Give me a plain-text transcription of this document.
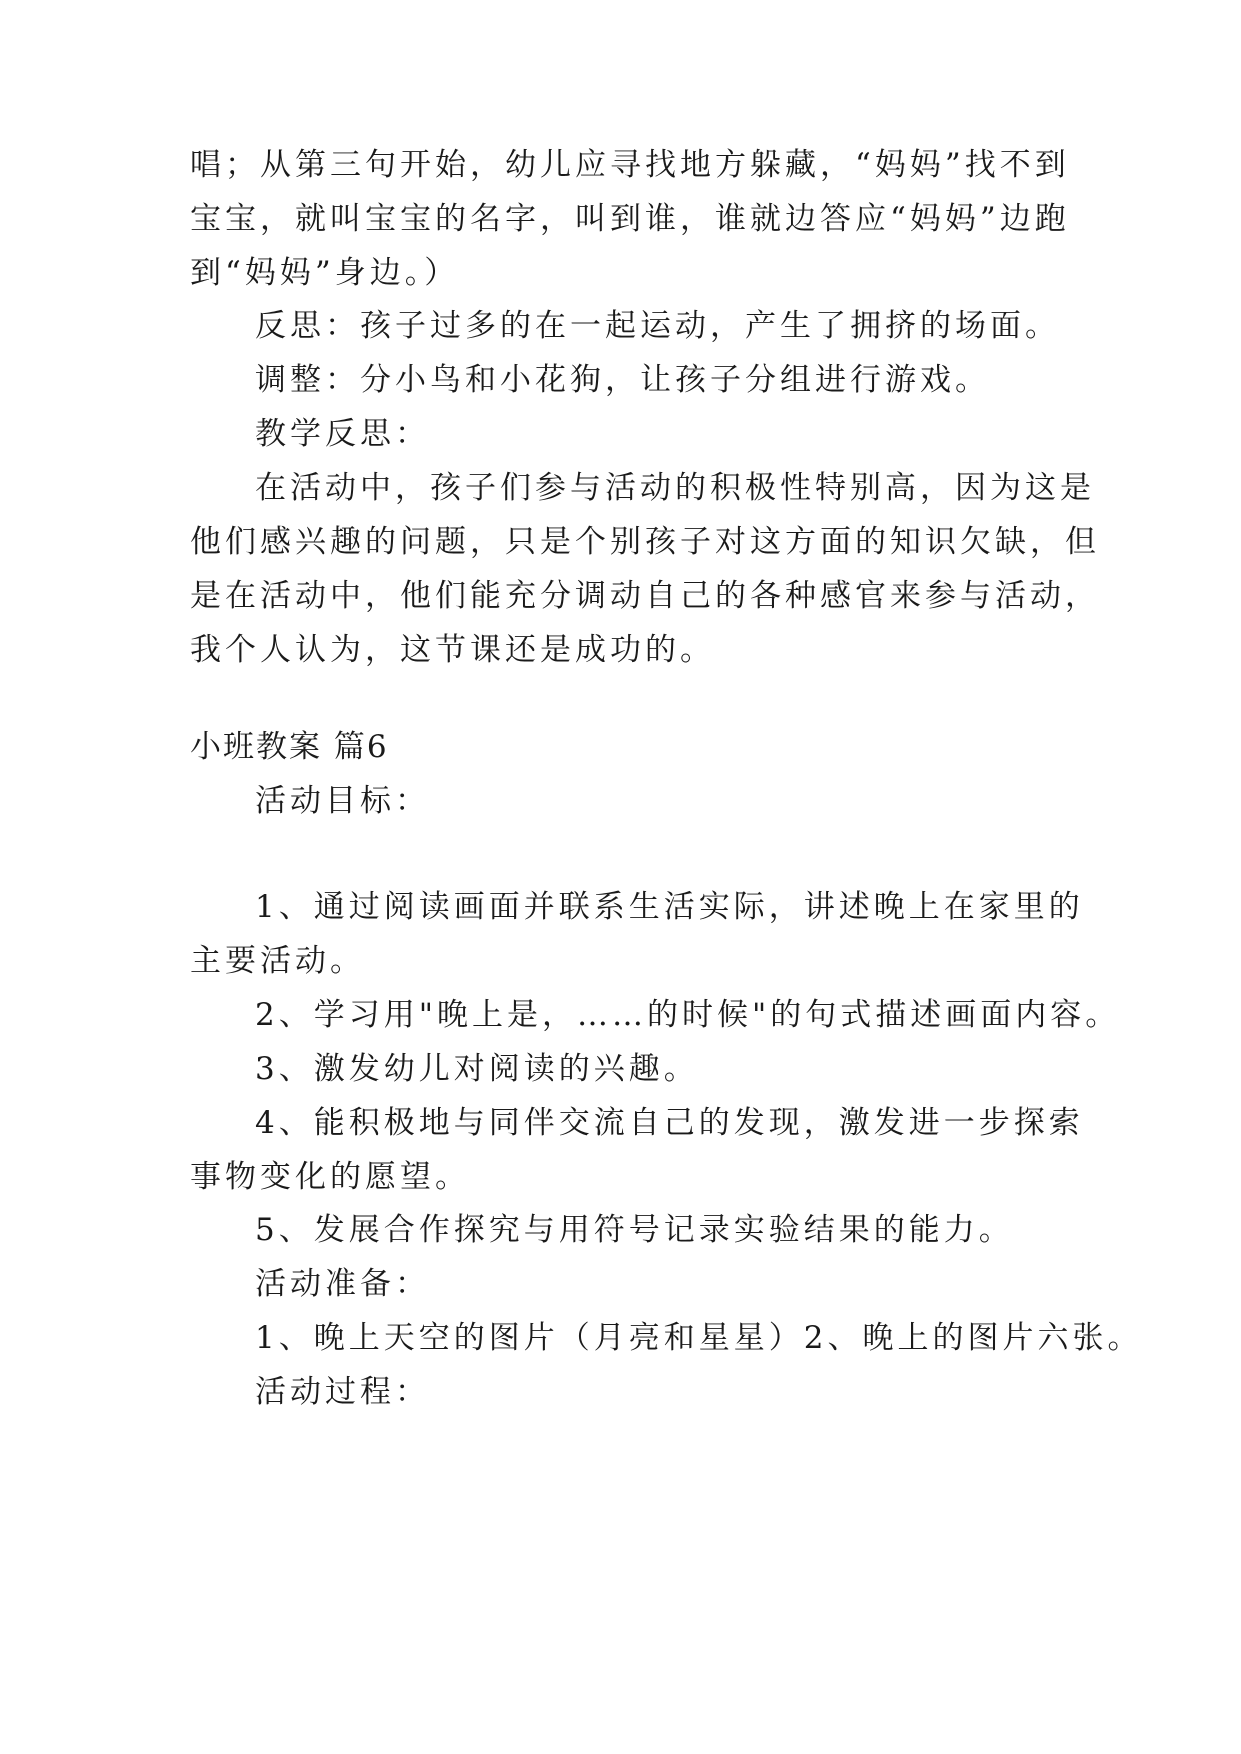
唱；从第三句开始，幼儿应寻找地方躲藏，“妈妈”找不到
宝宝，就叫宝宝的名字，叫到谁，谁就边答应“妈妈”边跑
到“妈妈”身边。）
反思：孩子过多的在一起运动，产生了拥挤的场面。
调整：分小鸟和小花狗，让孩子分组进行游戏。
教学反思：
在活动中，孩子们参与活动的积极性特别高，因为这是
他们感兴趣的问题，只是个别孩子对这方面的知识欠缺，但
是在活动中，他们能充分调动自己的各种感官来参与活动，
我个人认为，这节课还是成功的。
小班教案 篇6
活动目标：
1、通过阅读画面并联系生活实际，讲述晚上在家里的
主要活动。
2、学习用"晚上是，……的时候"的句式描述画面内容。
3、激发幼儿对阅读的兴趣。
4、能积极地与同伴交流自己的发现，激发进一步探索
事物变化的愿望。
5、发展合作探究与用符号记录实验结果的能力。
活动准备：
1、晚上天空的图片（月亮和星星）2、晚上的图片六张。
活动过程：
